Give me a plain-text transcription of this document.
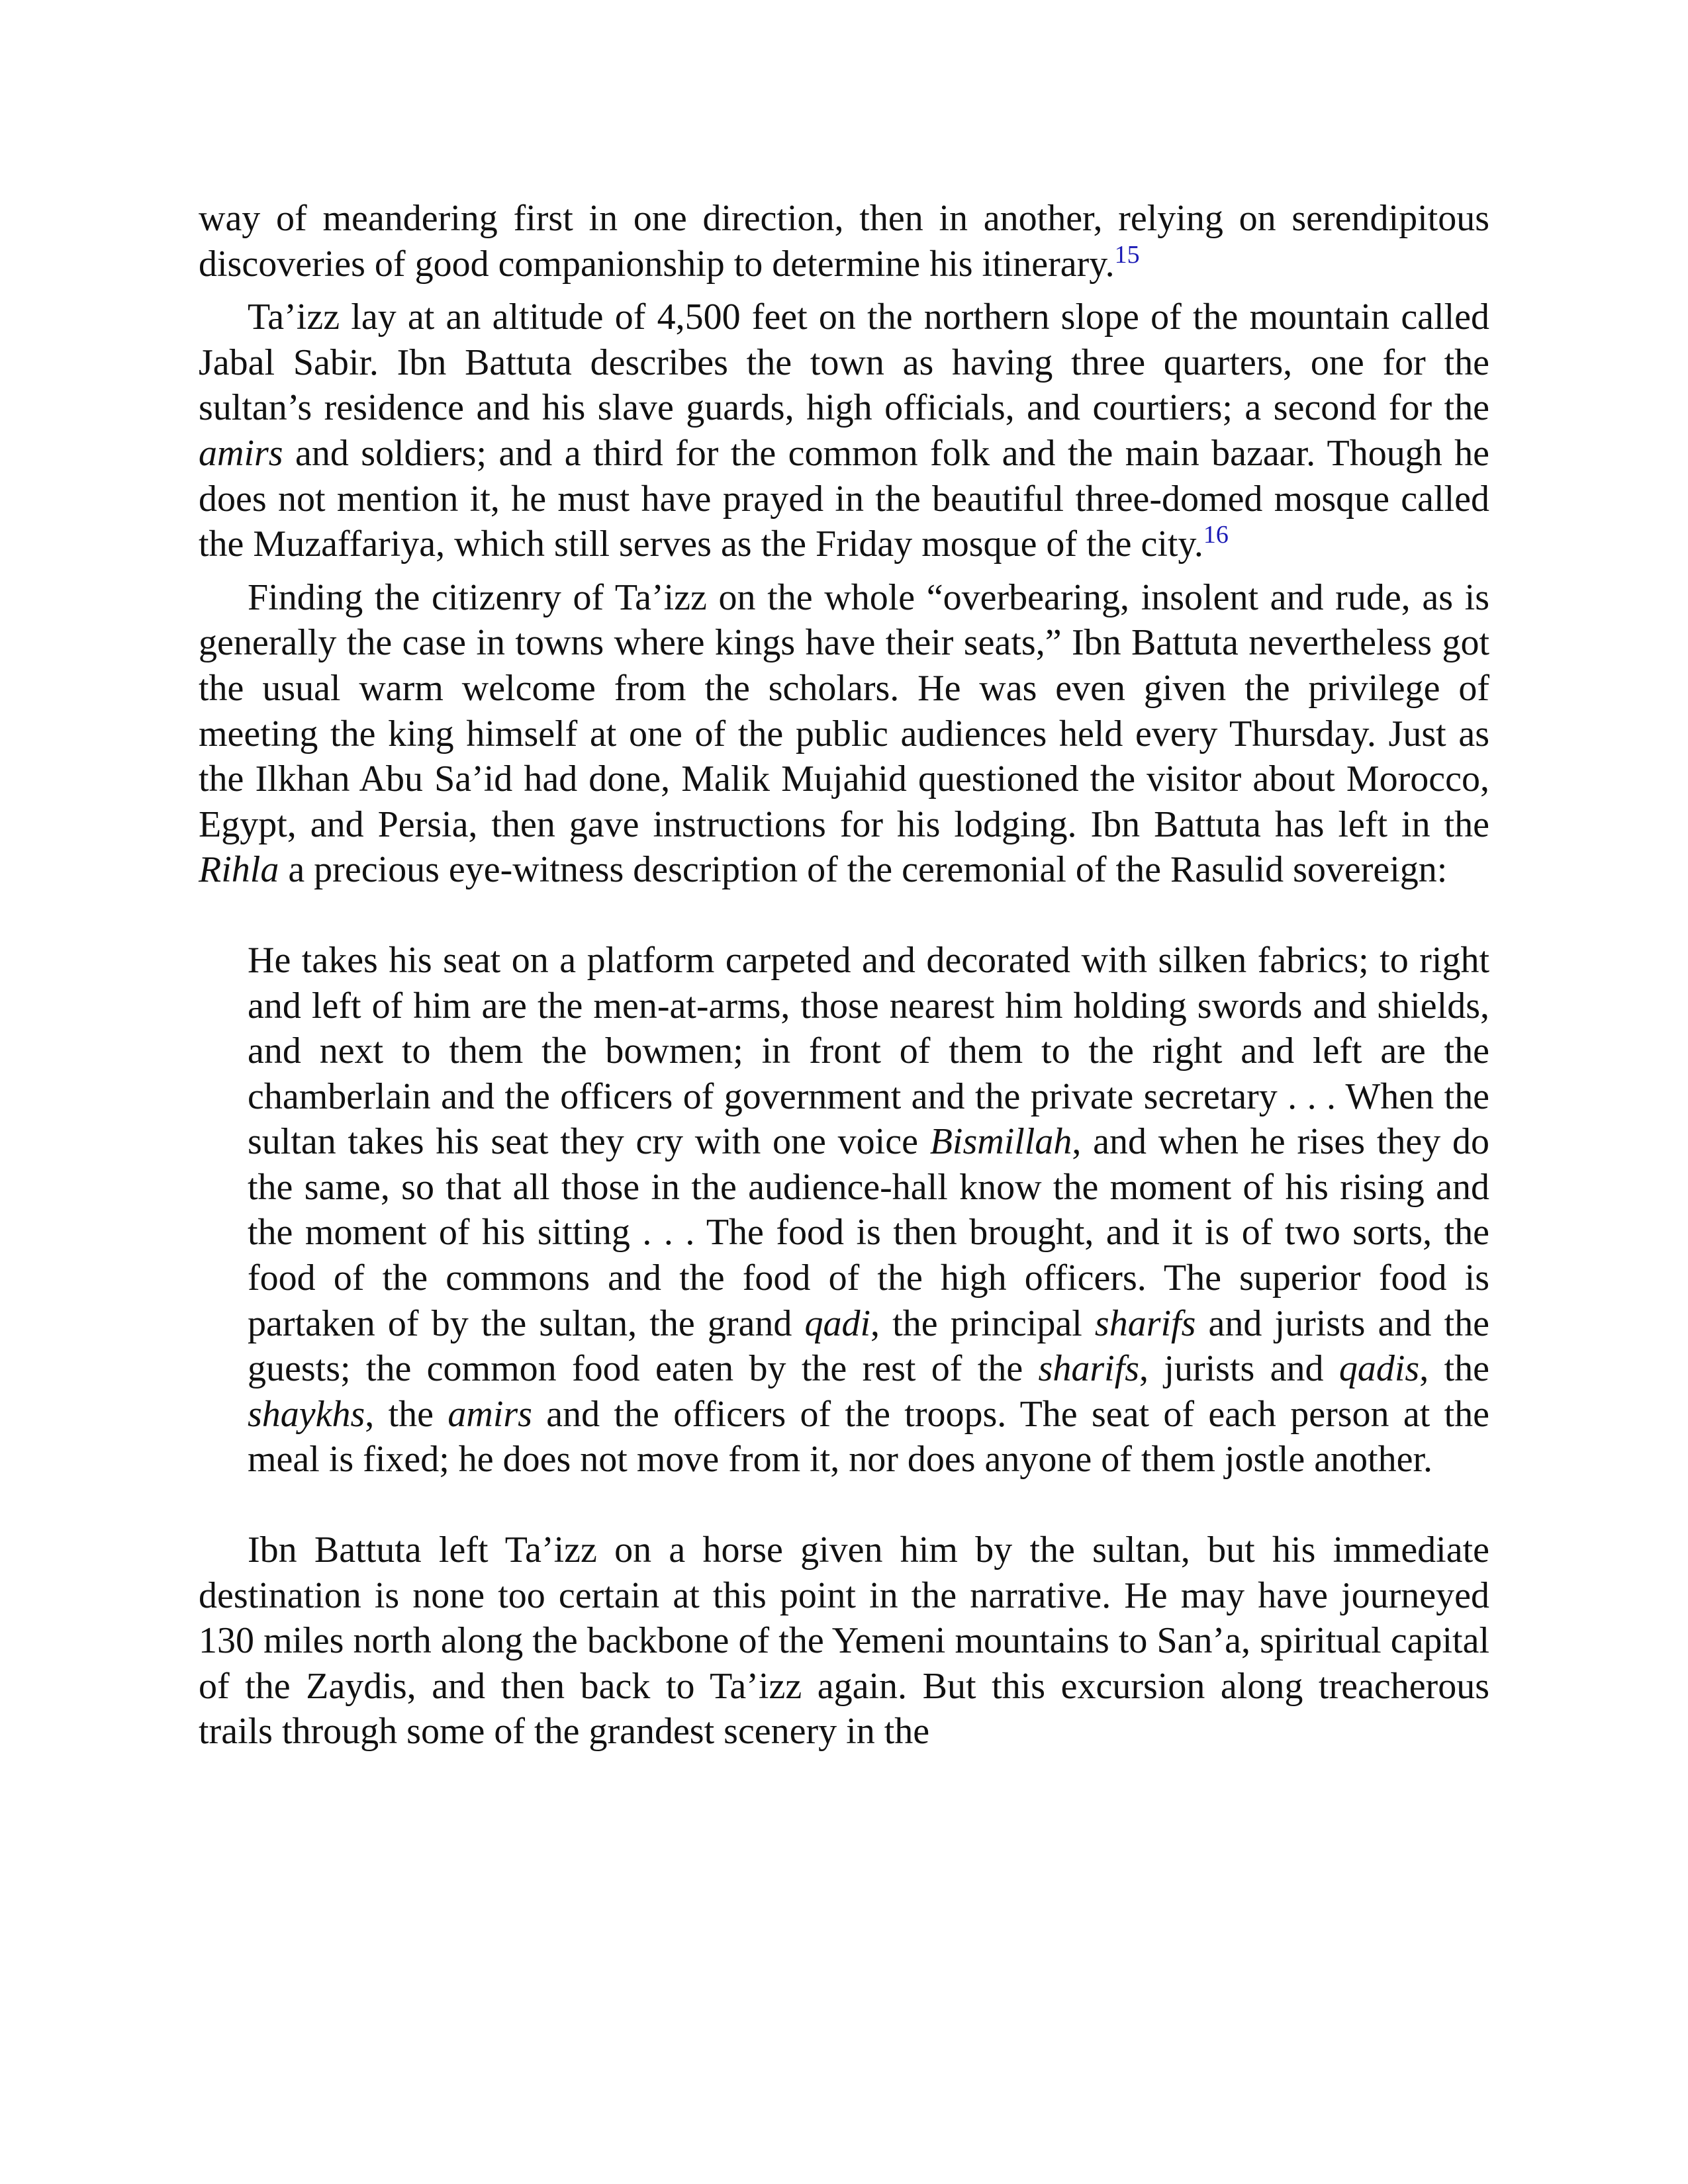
way of meandering first in one direction, then in another, relying on serendipitous discoveries of good companionship to determine his itinerary.$^{15}$

Ta’izz lay at an altitude of 4,500 feet on the northern slope of the mountain called Jabal Sabir. Ibn Battuta describes the town as having three quarters, one for the sultan’s residence and his slave guards, high officials, and courtiers; a second for the amirs and soldiers; and a third for the common folk and the main bazaar. Though he does not mention it, he must have prayed in the beautiful three-domed mosque called the Muzaffariya, which still serves as the Friday mosque of the city.$^{16}$

Finding the citizenry of Ta’izz on the whole “overbearing, insolent and rude, as is generally the case in towns where kings have their seats,” Ibn Battuta nevertheless got the usual warm welcome from the scholars. He was even given the privilege of meeting the king himself at one of the public audiences held every Thursday. Just as the Ilkhan Abu Sa’id had done, Malik Mujahid questioned the visitor about Morocco, Egypt, and Persia, then gave instructions for his lodging. Ibn Battuta has left in the Rihla a precious eye-witness description of the ceremonial of the Rasulid sovereign:

He takes his seat on a platform carpeted and decorated with silken fabrics; to right and left of him are the men-at-arms, those nearest him holding swords and shields, and next to them the bowmen; in front of them to the right and left are the chamberlain and the officers of government and the private secretary . . . When the sultan takes his seat they cry with one voice Bismillah, and when he rises they do the same, so that all those in the audience-hall know the moment of his rising and the moment of his sitting . . . The food is then brought, and it is of two sorts, the food of the commons and the food of the high officers. The superior food is partaken of by the sultan, the grand qadi, the principal sharifs and jurists and the guests; the common food eaten by the rest of the sharifs, jurists and qadis, the shaykhs, the amirs and the officers of the troops. The seat of each person at the meal is fixed; he does not move from it, nor does anyone of them jostle another.

Ibn Battuta left Ta’izz on a horse given him by the sultan, but his immediate destination is none too certain at this point in the narrative. He may have journeyed 130 miles north along the backbone of the Yemeni mountains to San’a, spiritual capital of the Zaydis, and then back to Ta’izz again. But this excursion along treacherous trails through some of the grandest scenery in the
